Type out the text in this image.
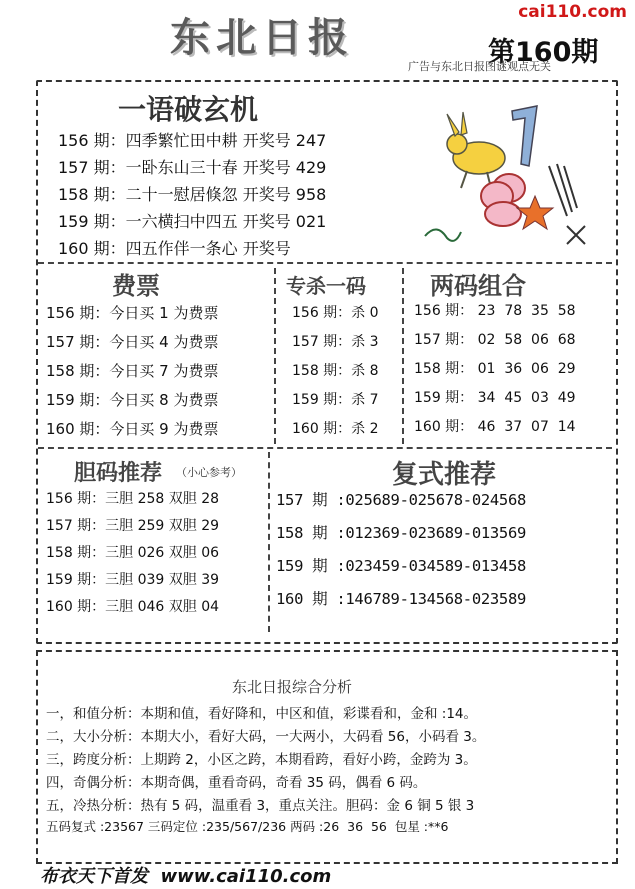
东北日报
cai110.com
第160期
广告与东北日报图谜观点无关
一语破玄机
156 期：四季繁忙田中耕 开奖号 247
157 期：一卧东山三十春 开奖号 429
158 期：二十一慰居倏忽 开奖号 958
159 期：一六横扫中四五 开奖号 021
160 期：四五作伴一条心 开奖号
费票
156 期：今日买 1 为费票
157 期：今日买 4 为费票
158 期：今日买 7 为费票
159 期：今日买 8 为费票
160 期：今日买 9 为费票
专杀一码
156 期：杀 0
157 期：杀 3
158 期：杀 8
159 期：杀 7
160 期：杀 2
两码组合
156 期： 23  78  35  58
157 期： 02  58  06  68
158 期： 01  36  06  29
159 期： 34  45  03  49
160 期： 46  37  07  14
胆码推荐 （小心参考）
156 期：三胆 258 双胆 28
157 期：三胆 259 双胆 29
158 期：三胆 026 双胆 06
159 期：三胆 039 双胆 39
160 期：三胆 046 双胆 04
复式推荐
157 期 :025689-025678-024568
158 期 :012369-023689-013569
159 期 :023459-034589-013458
160 期 :146789-134568-023589
东北日报综合分析
一，和值分析：本期和值，看好降和，中区和值，彩谍看和，金和 :14。
二，大小分析：本期大小，看好大码，一大两小，大码看 56，小码看 3。
三，跨度分析：上期跨 2，小区之跨，本期看跨，看好小跨，金跨为 3。
四，奇偶分析：本期奇偶，重看奇码，奇看 35 码，偶看 6 码。
五，冷热分析：热有 5 码，温重看 3，重点关注。胆码：金 6 铜 5 银 3
五码复式 :23567 三码定位 :235/567/236 两码 :26  36  56  包星 :**6
布衣天下首发  www.cai110.com
